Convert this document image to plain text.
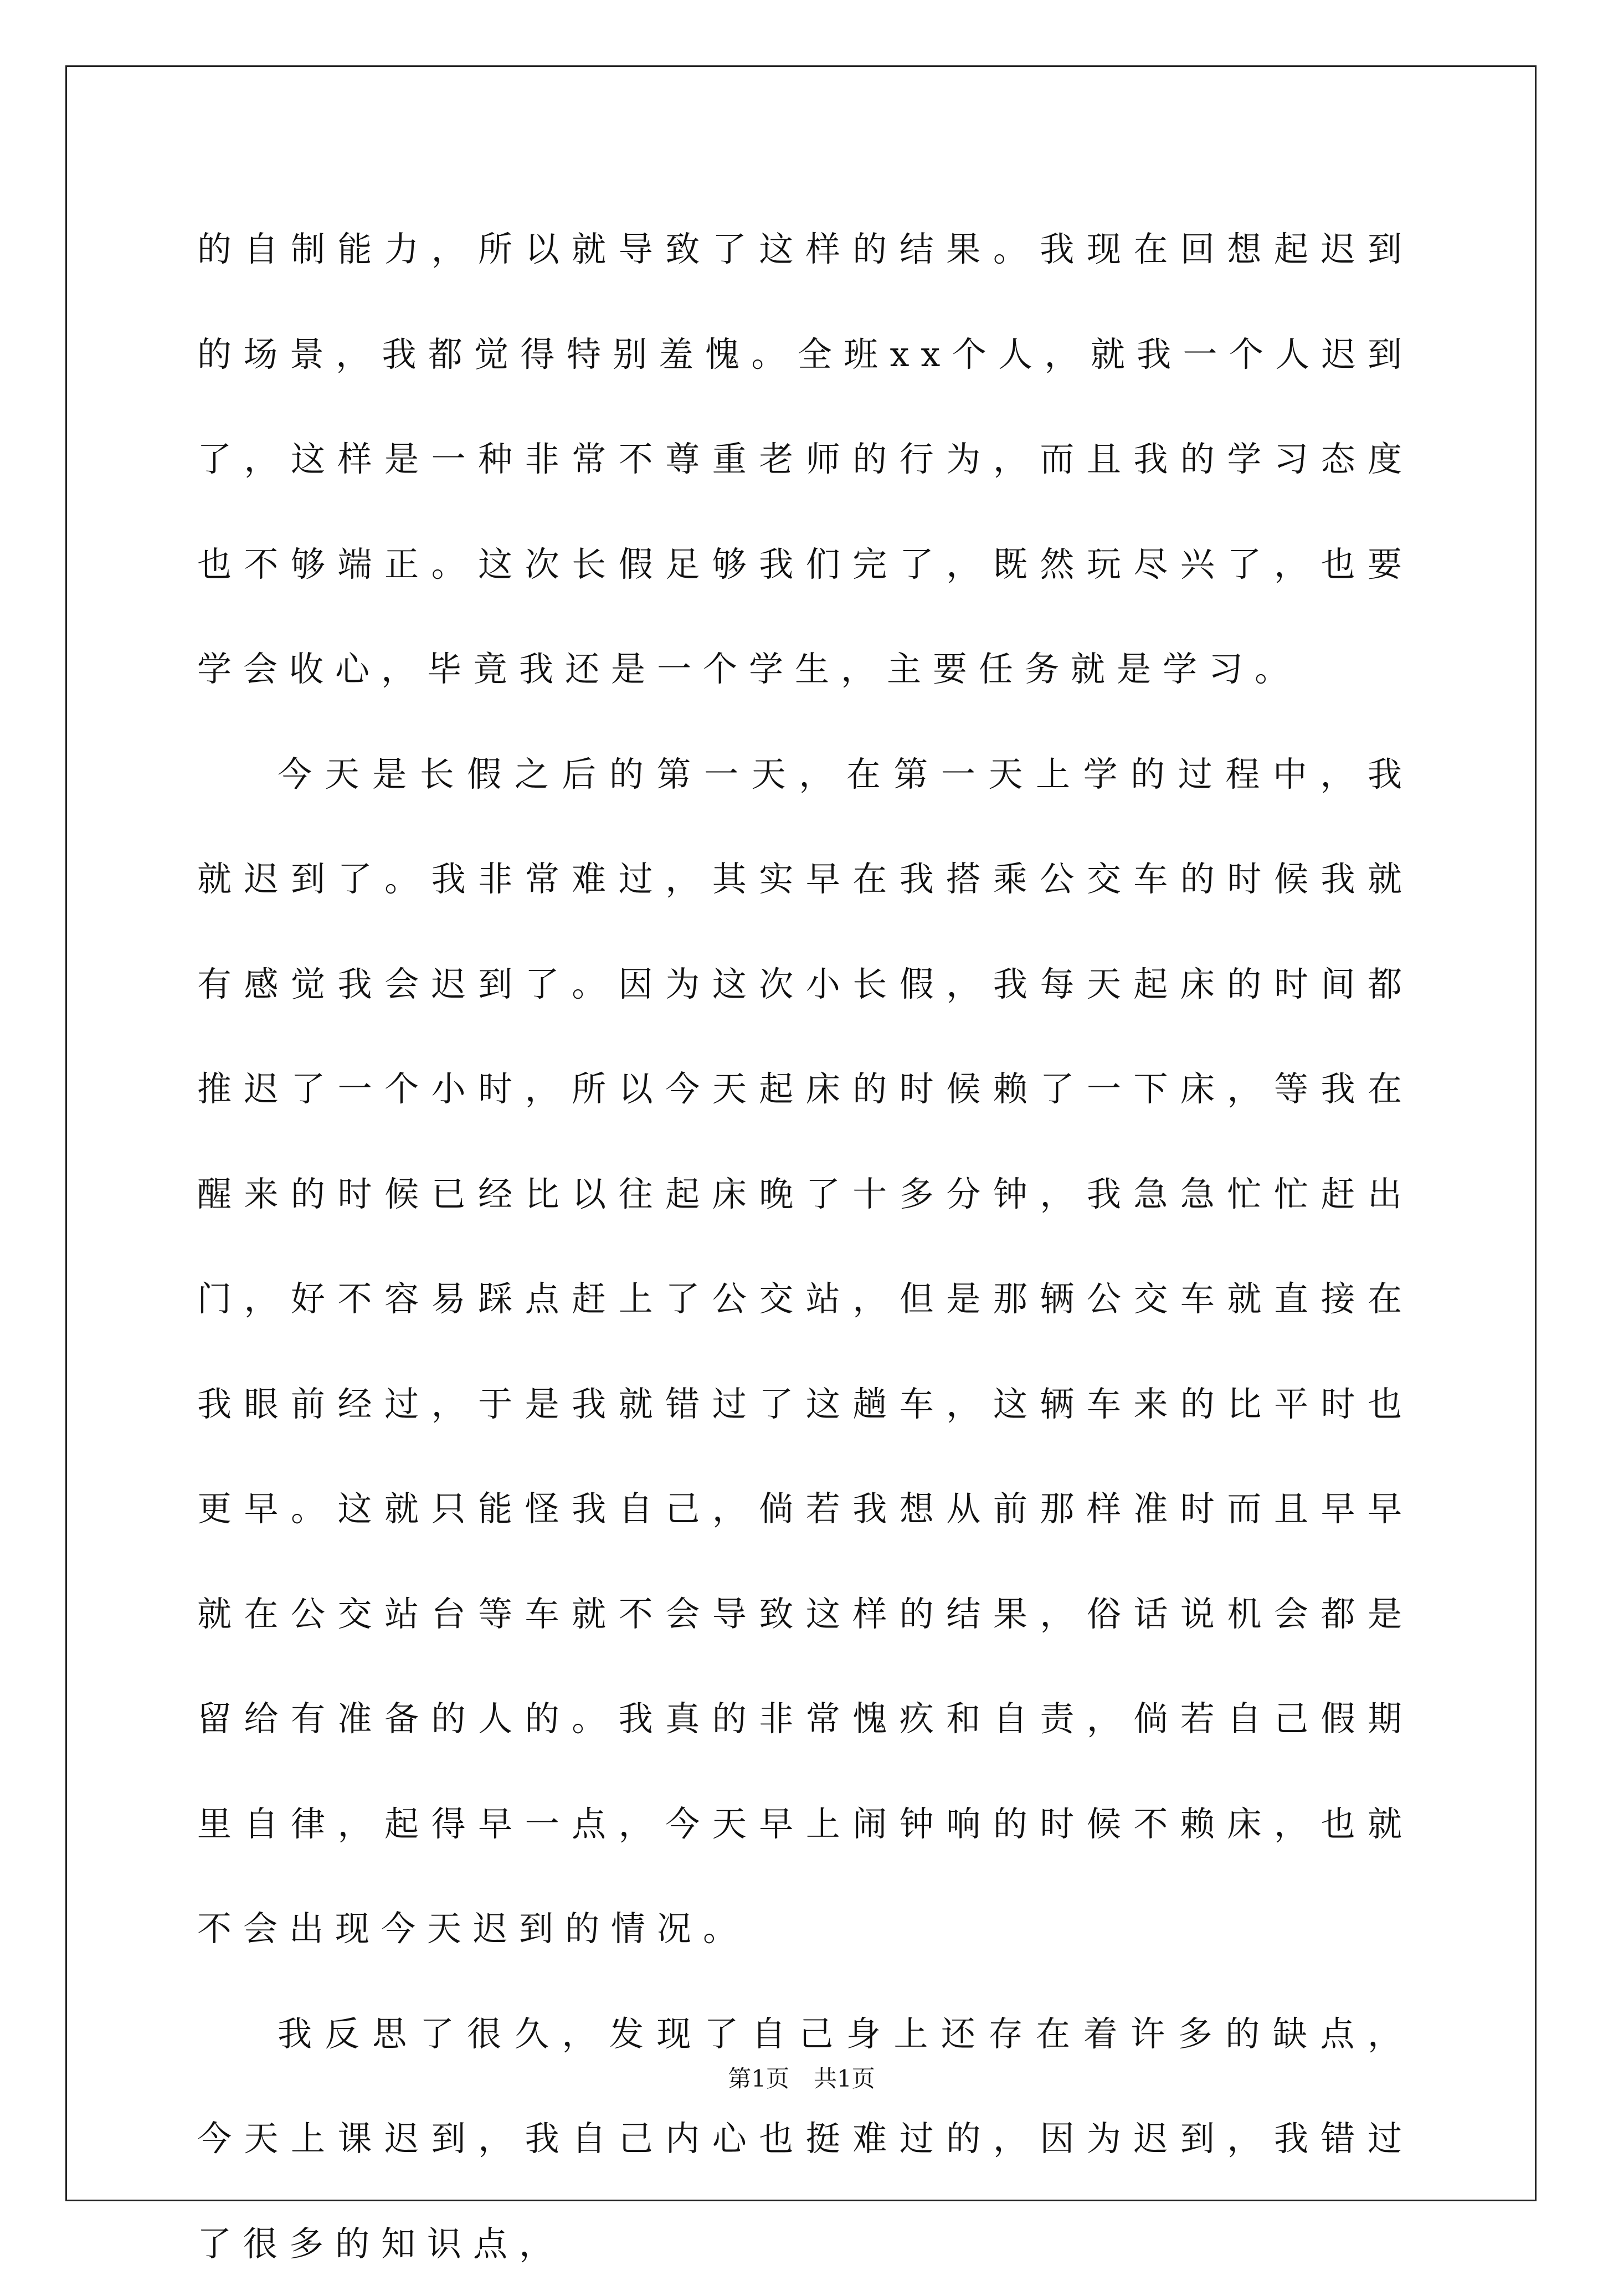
的自制能力，所以就导致了这样的结果。我现在回想起迟到的场景，我都觉得特别羞愧。全班xx个人，就我一个人迟到了，这样是一种非常不尊重老师的行为，而且我的学习态度也不够端正。这次长假足够我们完了，既然玩尽兴了，也要学会收心，毕竟我还是一个学生，主要任务就是学习。

今天是长假之后的第一天，在第一天上学的过程中，我就迟到了。我非常难过，其实早在我搭乘公交车的时候我就有感觉我会迟到了。因为这次小长假，我每天起床的时间都推迟了一个小时，所以今天起床的时候赖了一下床，等我在醒来的时候已经比以往起床晚了十多分钟，我急急忙忙赶出门，好不容易踩点赶上了公交站，但是那辆公交车就直接在我眼前经过，于是我就错过了这趟车，这辆车来的比平时也更早。这就只能怪我自己，倘若我想从前那样准时而且早早就在公交站台等车就不会导致这样的结果，俗话说机会都是留给有准备的人的。我真的非常愧疚和自责，倘若自己假期里自律，起得早一点，今天早上闹钟响的时候不赖床，也就不会出现今天迟到的情况。

我反思了很久，发现了自己身上还存在着许多的缺点，今天上课迟到，我自己内心也挺难过的，因为迟到，我错过了很多的知识点，

第1页 共1页
